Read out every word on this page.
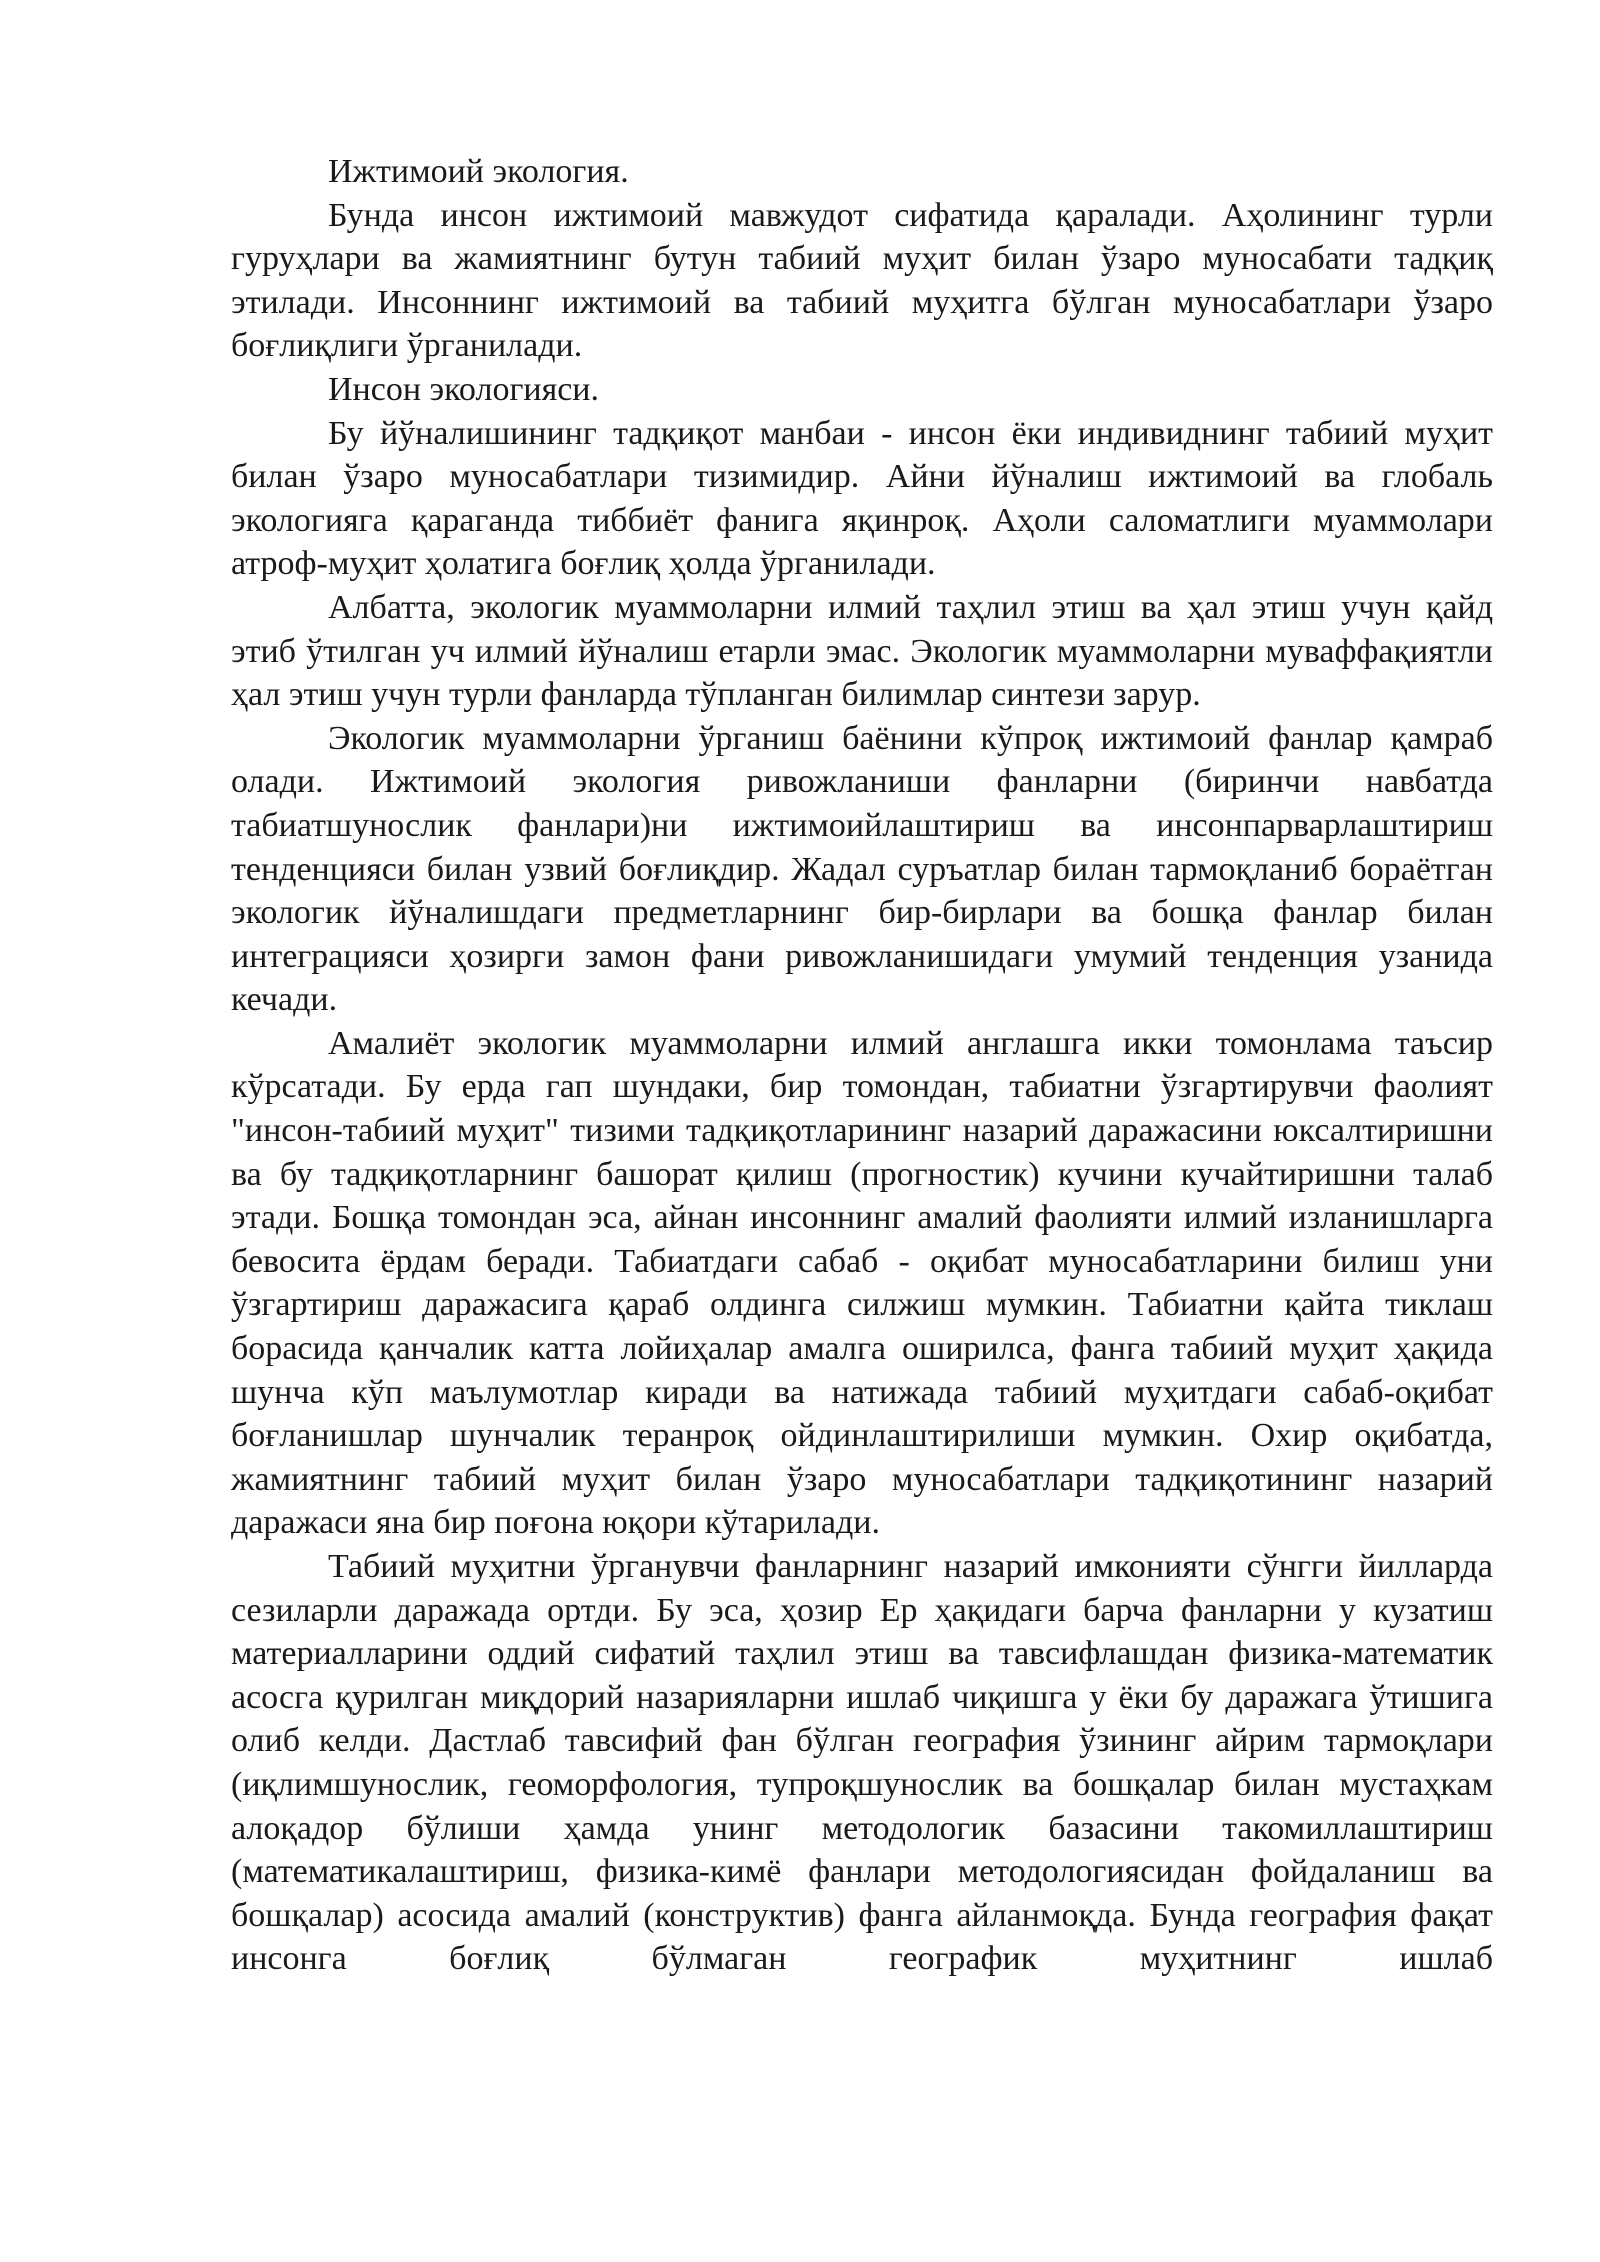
Ижтимоий экология.

Бунда инсон ижтимоий мавжудот сифатида қаралади. Аҳолининг турли гуруҳлари ва жамиятнинг бутун табиий муҳит билан ўзаро муносабати тадқиқ этилади. Инсоннинг ижтимоий ва табиий муҳитга бўлган муносабатлари ўзаро боғлиқлиги ўрганилади.

Инсон экологияси.

Бу йўналишининг тадқиқот манбаи - инсон ёки индивиднинг табиий муҳит билан ўзаро муносабатлари тизимидир. Айни йўналиш ижтимоий ва глобаль экологияга қараганда тиббиёт фанига яқинроқ. Аҳоли саломатлиги муаммолари атроф-муҳит ҳолатига боғлиқ ҳолда ўрганилади.

Албатта, экологик муаммоларни илмий таҳлил этиш ва ҳал этиш учун қайд этиб ўтилган уч илмий йўналиш етарли эмас. Экологик муаммоларни муваффақиятли ҳал этиш учун турли фанларда тўпланган билимлар синтези зарур.

Экологик муаммоларни ўрганиш баёнини кўпроқ ижтимоий фанлар қамраб олади. Ижтимоий экология ривожланиши фанларни (биринчи навбатда табиатшунослик фанлари)ни ижтимоийлаштириш ва инсонпарварлаштириш тенденцияси билан узвий боғлиқдир. Жадал суръатлар билан тармоқланиб бораётган экологик йўналишдаги предметларнинг бир-бирлари ва бошқа фанлар билан интеграцияси ҳозирги замон фани ривожланишидаги умумий тенденция узанида кечади.

Амалиёт экологик муаммоларни илмий англашга икки томонлама таъсир кўрсатади. Бу ерда гап шундаки, бир томондан, табиатни ўзгартирувчи фаолият "инсон-табиий муҳит" тизими тадқиқотларининг назарий даражасини юксалтиришни ва бу тадқиқотларнинг башорат қилиш (прогностик) кучини кучайтиришни талаб этади. Бошқа томондан эса, айнан инсоннинг амалий фаолияти илмий изланишларга бевосита ёрдам беради. Табиатдаги сабаб - оқибат муносабатларини билиш уни ўзгартириш даражасига қараб олдинга силжиш мумкин. Табиатни қайта тиклаш борасида қанчалик катта лойиҳалар амалга оширилса, фанга табиий муҳит ҳақида шунча кўп маълумотлар киради ва натижада табиий муҳитдаги сабаб-оқибат боғланишлар шунчалик теранроқ ойдинлаштирилиши мумкин. Охир оқибатда, жамиятнинг табиий муҳит билан ўзаро муносабатлари тадқиқотининг назарий даражаси яна бир поғона юқори кўтарилади.

Табиий муҳитни ўрганувчи фанларнинг назарий имконияти сўнгги йилларда сезиларли даражада ортди. Бу эса, ҳозир Ер ҳақидаги барча фанларни у кузатиш материалларини оддий сифатий таҳлил этиш ва тавсифлашдан физика-математик асосга қурилган миқдорий назарияларни ишлаб чиқишга у ёки бу даражага ўтишига олиб келди. Дастлаб тавсифий фан бўлган география ўзининг айрим тармоқлари (иқлимшунослик, геоморфология, тупроқшунослик ва бошқалар билан мустаҳкам алоқадор бўлиши ҳамда унинг методологик базасини такомиллаштириш (математикалаштириш, физика-кимё фанлари методологиясидан фойдаланиш ва бошқалар) асосида амалий (конструктив) фанга айланмоқда. Бунда география фақат инсонга боғлиқ бўлмаган географик муҳитнинг ишлаб
